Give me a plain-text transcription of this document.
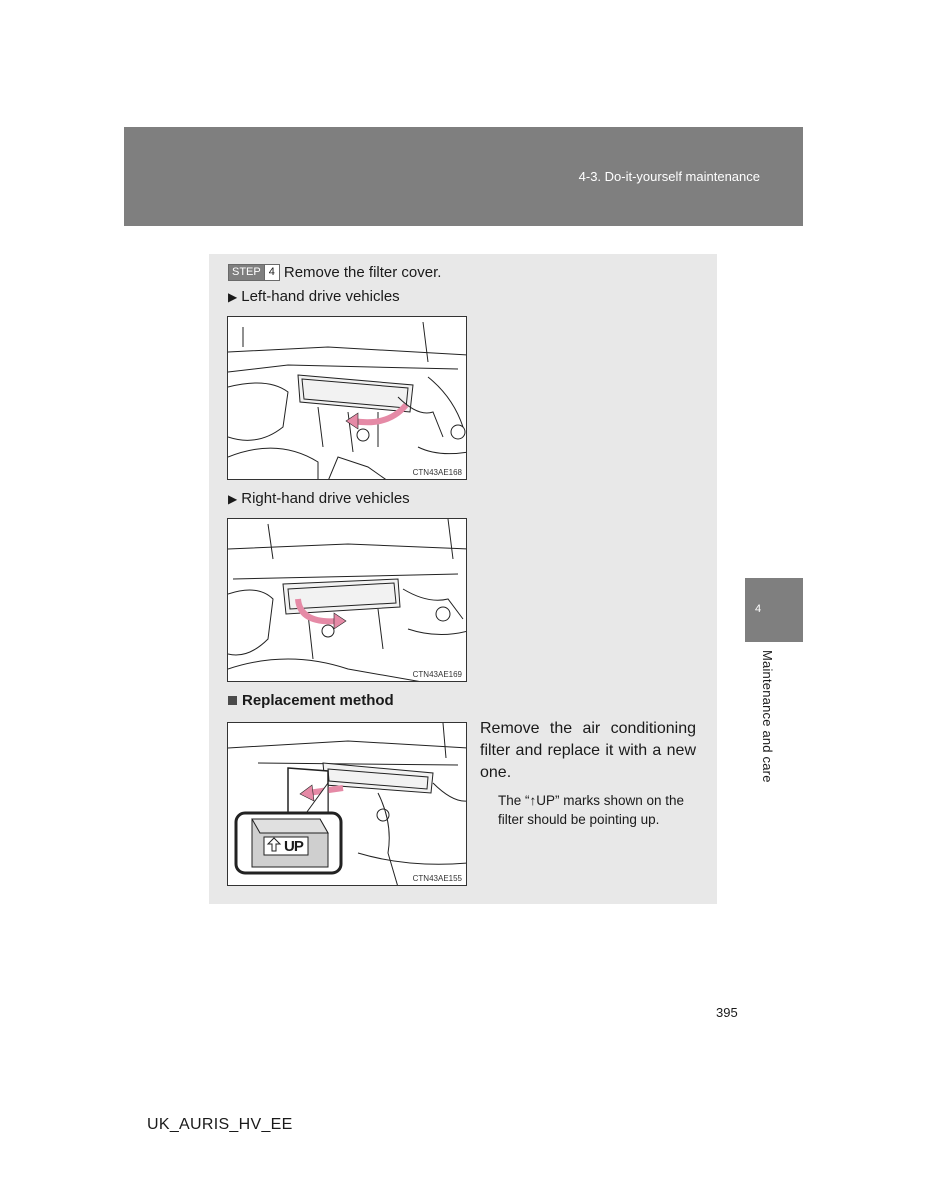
4-3. Do-it-yourself maintenance
4
Maintenance and care
STEP 4 Remove the filter cover.
▶ Left-hand drive vehicles
CTN43AE168
▶ Right-hand drive vehicles
CTN43AE169
Replacement method
CTN43AE155
UP
Remove the air conditioning filter and replace it with a new one.
The “↑UP” marks shown on the filter should be pointing up.
395
UK_AURIS_HV_EE
